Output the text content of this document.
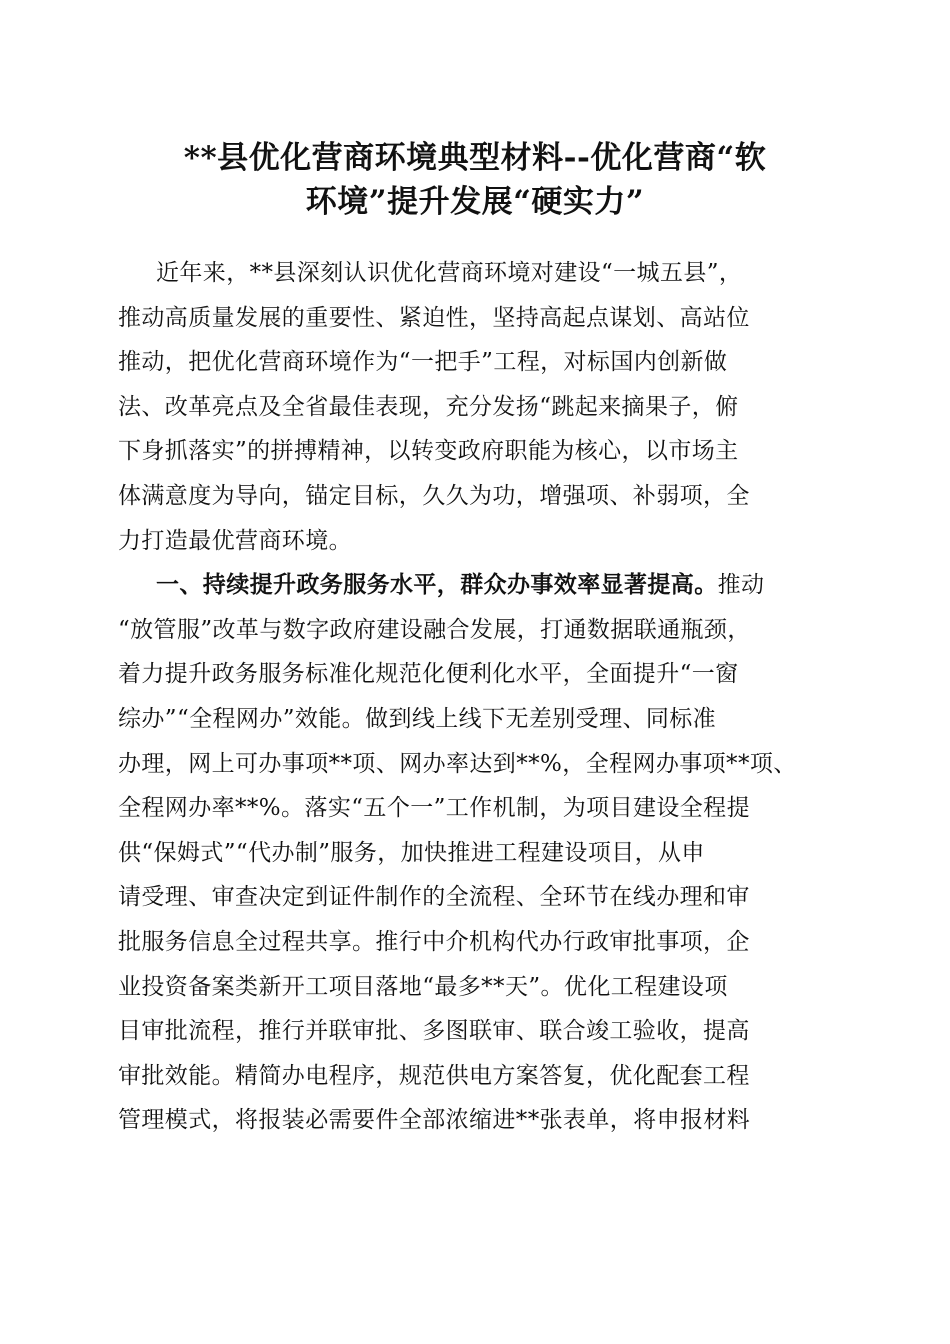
**县优化营商环境典型材料--优化营商“软
环境”提升发展“硬实力”
近年来，**县深刻认识优化营商环境对建设“一城五县”，
推动高质量发展的重要性、紧迫性，坚持高起点谋划、高站位
推动，把优化营商环境作为“一把手”工程，对标国内创新做
法、改革亮点及全省最佳表现，充分发扬“跳起来摘果子，俯
下身抓落实”的拼搏精神，以转变政府职能为核心，以市场主
体满意度为导向，锚定目标，久久为功，增强项、补弱项，全
力打造最优营商环境。
一、持续提升政务服务水平，群众办事效率显著提高。推动
“放管服”改革与数字政府建设融合发展，打通数据联通瓶颈，
着力提升政务服务标准化规范化便利化水平，全面提升“一窗
综办”“全程网办”效能。做到线上线下无差别受理、同标准
办理，网上可办事项**项、网办率达到**%，全程网办事项**项、
全程网办率**%。落实“五个一”工作机制，为项目建设全程提
供“保姆式”“代办制”服务，加快推进工程建设项目，从申
请受理、审查决定到证件制作的全流程、全环节在线办理和审
批服务信息全过程共享。推行中介机构代办行政审批事项，企
业投资备案类新开工项目落地“最多**天”。优化工程建设项
目审批流程，推行并联审批、多图联审、联合竣工验收，提高
审批效能。精简办电程序，规范供电方案答复，优化配套工程
管理模式，将报装必需要件全部浓缩进**张表单，将申报材料
